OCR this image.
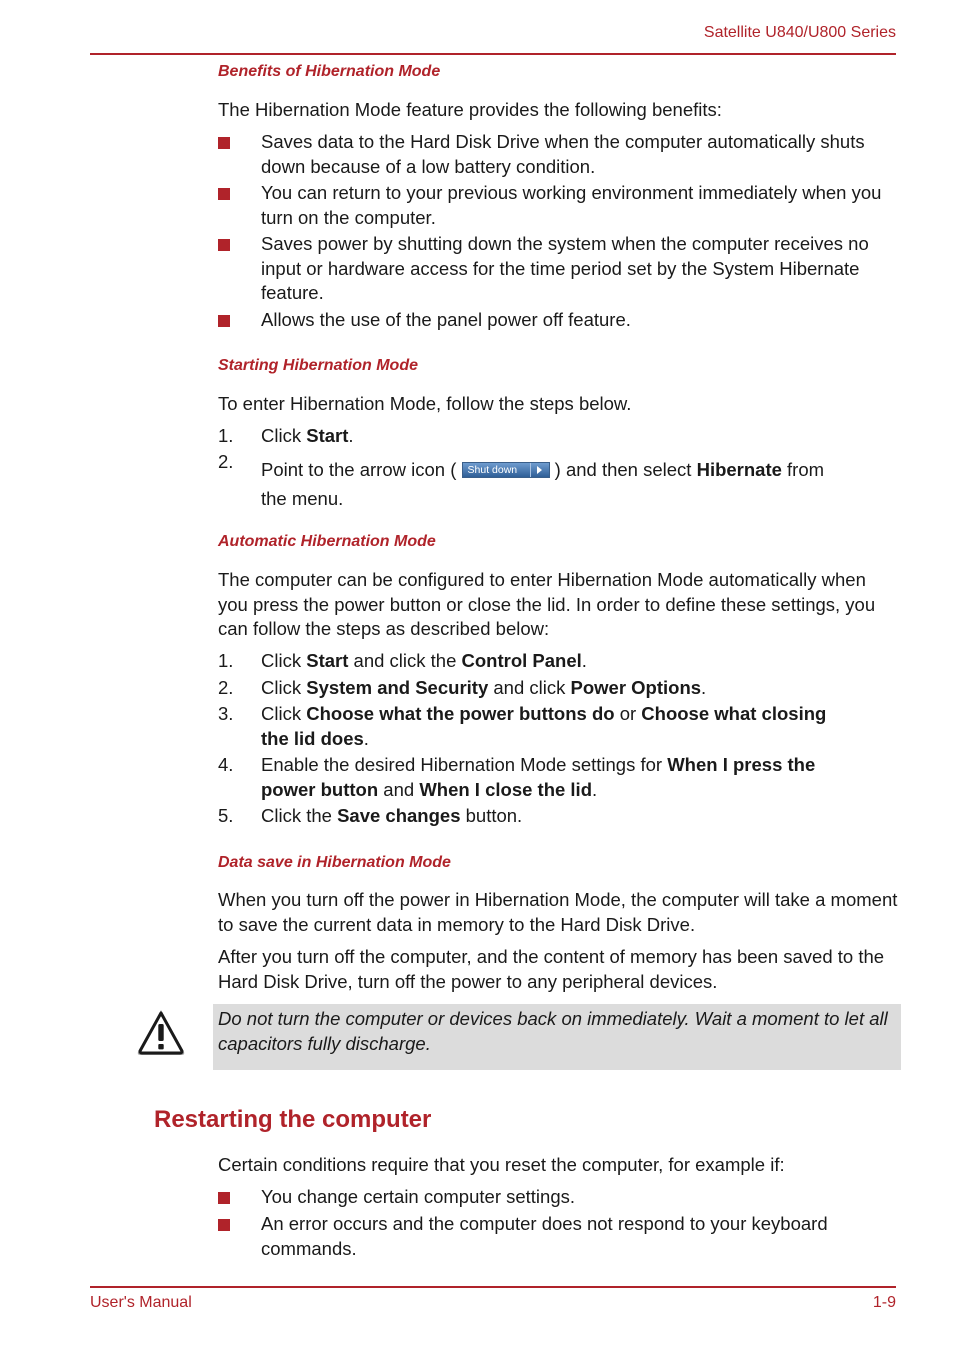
Satellite U840/U800 Series
Benefits of Hibernation Mode
The Hibernation Mode feature provides the following benefits:
Saves data to the Hard Disk Drive when the computer automatically shuts down because of a low battery condition.
You can return to your previous working environment immediately when you turn on the computer.
Saves power by shutting down the system when the computer receives no input or hardware access for the time period set by the System Hibernate feature.
Allows the use of the panel power off feature.
Starting Hibernation Mode
To enter Hibernation Mode, follow the steps below.
1. Click Start.
2. Point to the arrow icon ( Shut down ) and then select Hibernate from
the menu.
Automatic Hibernation Mode
The computer can be configured to enter Hibernation Mode automatically when you press the power button or close the lid. In order to define these settings, you can follow the steps as described below:
1. Click Start and click the Control Panel.
2. Click System and Security and click Power Options.
3. Click Choose what the power buttons do or Choose what closing
the lid does.
4. Enable the desired Hibernation Mode settings for When I press the
power button and When I close the lid.
5. Click the Save changes button.
Data save in Hibernation Mode
When you turn off the power in Hibernation Mode, the computer will take a moment to save the current data in memory to the Hard Disk Drive.
After you turn off the computer, and the content of memory has been saved to the Hard Disk Drive, turn off the power to any peripheral devices.
Do not turn the computer or devices back on immediately. Wait a moment to let all capacitors fully discharge.
Restarting the computer
Certain conditions require that you reset the computer, for example if:
You change certain computer settings.
An error occurs and the computer does not respond to your keyboard commands.
User's Manual	1-9
